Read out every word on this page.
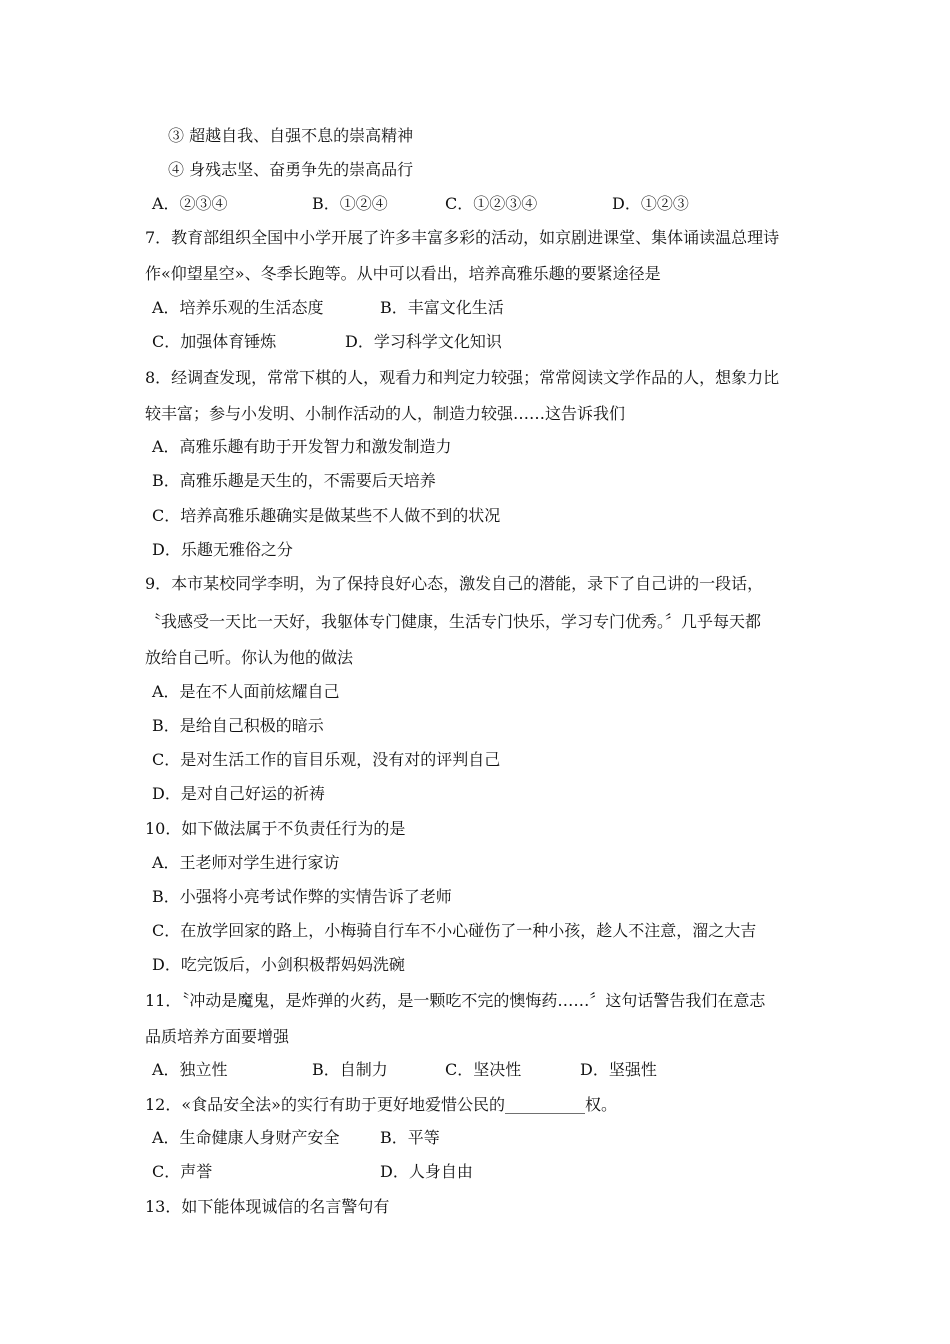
③ 超越自我、自强不息的崇高精神
④ 身残志坚、奋勇争先的崇高品行
A．②③④	B．①②④	C．①②③④	D．①②③
7．教育部组织全国中小学开展了许多丰富多彩的活动，如京剧进课堂、集体诵读温总理诗
作«仰望星空»、冬季长跑等。从中可以看出，培养高雅乐趣的要紧途径是
A．培养乐观的生活态度	B．丰富文化生活
C．加强体育锤炼	D．学习科学文化知识
8．经调查发现，常常下棋的人，观看力和判定力较强；常常阅读文学作品的人，想象力比
较丰富；参与小发明、小制作活动的人，制造力较强……这告诉我们
A．高雅乐趣有助于开发智力和激发制造力
B．高雅乐趣是天生的，不需要后天培养
C．培养高雅乐趣确实是做某些不人做不到的状况
D．乐趣无雅俗之分
9．本市某校同学李明，为了保持良好心态，激发自己的潜能，录下了自己讲的一段话，
〝我感受一天比一天好，我躯体专门健康，生活专门快乐，学习专门优秀。〞几乎每天都
放给自己听。你认为他的做法
A．是在不人面前炫耀自己
B．是给自己积极的暗示
C．是对生活工作的盲目乐观，没有对的评判自己
D．是对自己好运的祈祷
10．如下做法属于不负责任行为的是
A．王老师对学生进行家访
B．小强将小亮考试作弊的实情告诉了老师
C．在放学回家的路上，小梅骑自行车不小心碰伤了一种小孩，趁人不注意，溜之大吉
D．吃完饭后，小剑积极帮妈妈洗碗
11．〝冲动是魔鬼，是炸弹的火药，是一颗吃不完的懊悔药……〞这句话警告我们在意志
品质培养方面要增强
A．独立性	B．自制力	C．坚决性	D．坚强性
12．«食品安全法»的实行有助于更好地爱惜公民的__________权。
A．生命健康人身财产安全	B．平等
C．声誉	D．人身自由
13．如下能体现诚信的名言警句有
